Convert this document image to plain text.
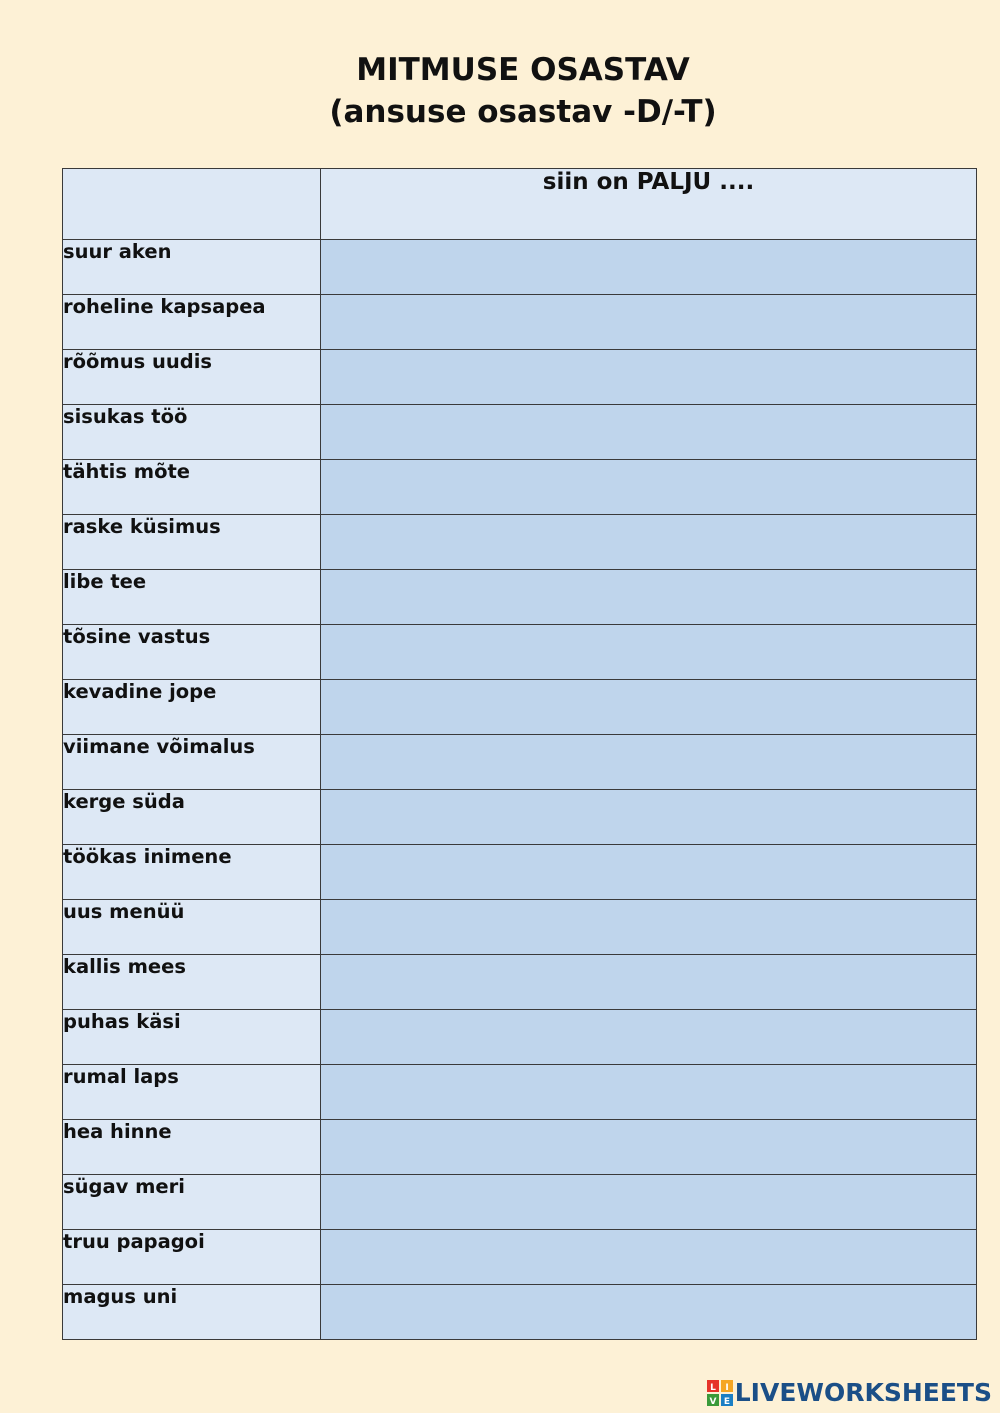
MITMUSE OSASTAV
(ansuse osastav -D/-T)
	siin on PALJU ....
suur aken	
roheline kapsapea	
rõõmus uudis	
sisukas töö	
tähtis mõte	
raske küsimus	
libe tee	
tõsine vastus	
kevadine jope	
viimane võimalus	
kerge süda	
töökas inimene	
uus menüü	
kallis mees	
puhas käsi	
rumal laps	
hea hinne	
sügav meri	
truu papagoi	
magus uni	
L I
V E LIVEWORKSHEETS
